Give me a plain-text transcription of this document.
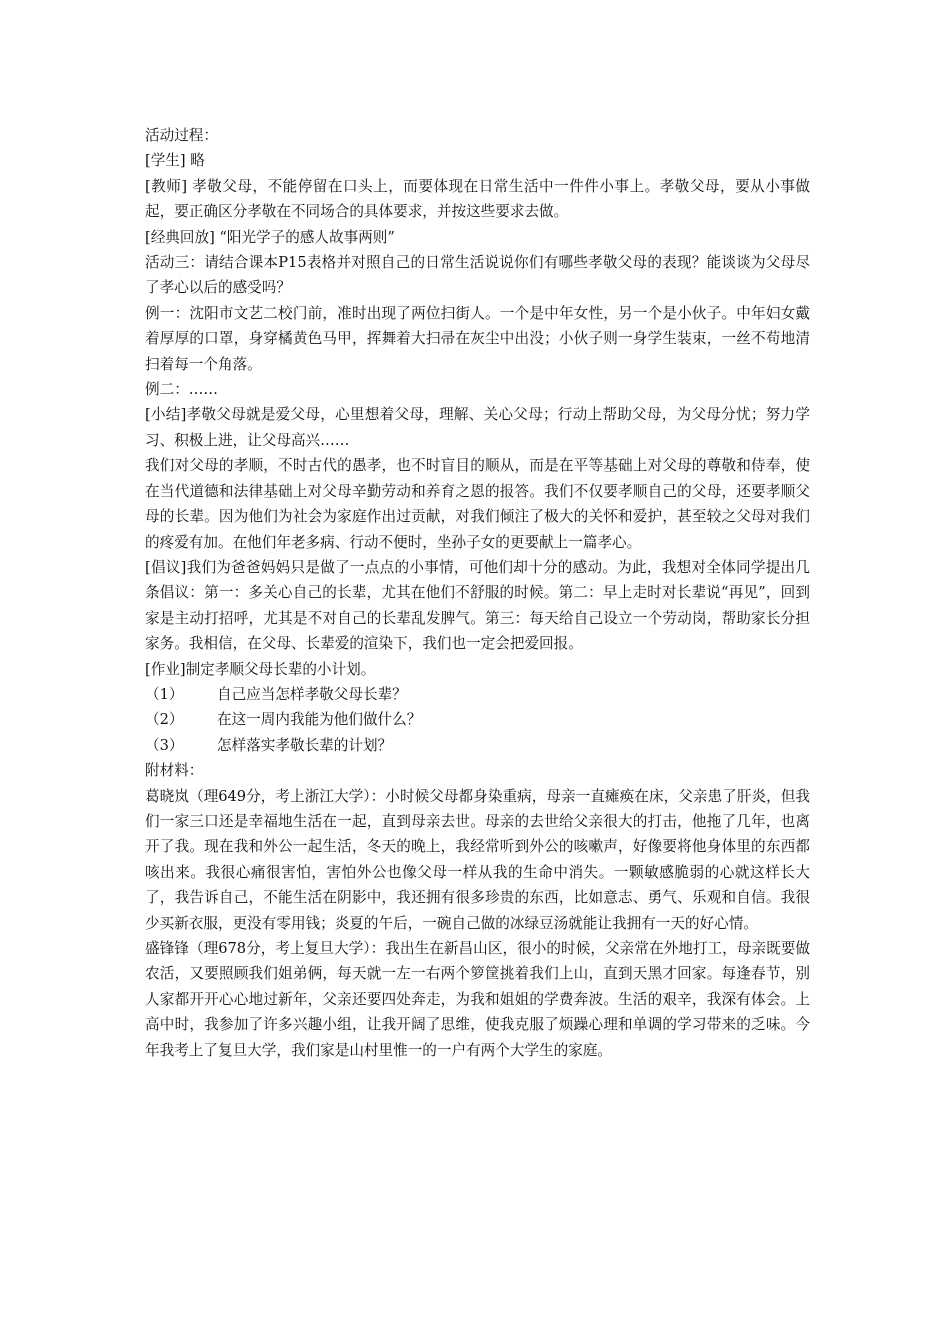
活动过程：

[学生] 略

[教师] 孝敬父母，不能停留在口头上，而要体现在日常生活中一件件小事上。孝敬父母，要从小事做起，要正确区分孝敬在不同场合的具体要求，并按这些要求去做。

[经典回放] “阳光学子的感人故事两则”

活动三：请结合课本P15表格并对照自己的日常生活说说你们有哪些孝敬父母的表现？能谈谈为父母尽了孝心以后的感受吗？

例一：沈阳市文艺二校门前，准时出现了两位扫街人。一个是中年女性，另一个是小伙子。中年妇女戴着厚厚的口罩，身穿橘黄色马甲，挥舞着大扫帚在灰尘中出没；小伙子则一身学生装束，一丝不苟地清扫着每一个角落。

例二：……

[小结]孝敬父母就是爱父母，心里想着父母，理解、关心父母；行动上帮助父母，为父母分忧；努力学习、积极上进，让父母高兴……

我们对父母的孝顺，不时古代的愚孝，也不时盲目的顺从，而是在平等基础上对父母的尊敬和侍奉，使在当代道德和法律基础上对父母辛勤劳动和养育之恩的报答。我们不仅要孝顺自己的父母，还要孝顺父母的长辈。因为他们为社会为家庭作出过贡献，对我们倾注了极大的关怀和爱护，甚至较之父母对我们的疼爱有加。在他们年老多病、行动不便时，坐孙子女的更要献上一篇孝心。

[倡议]我们为爸爸妈妈只是做了一点点的小事情，可他们却十分的感动。为此，我想对全体同学提出几条倡议：第一：多关心自己的长辈，尤其在他们不舒服的时候。第二：早上走时对长辈说“再见”，回到家是主动打招呼，尤其是不对自己的长辈乱发脾气。第三：每天给自己设立一个劳动岗，帮助家长分担家务。我相信，在父母、长辈爱的渲染下，我们也一定会把爱回报。

[作业]制定孝顺父母长辈的小计划。

（1）	自己应当怎样孝敬父母长辈？
（2）	在这一周内我能为他们做什么？
（3）	怎样落实孝敬长辈的计划？

附材料：

葛晓岚（理649分，考上浙江大学）：小时候父母都身染重病，母亲一直瘫痪在床，父亲患了肝炎，但我们一家三口还是幸福地生活在一起，直到母亲去世。母亲的去世给父亲很大的打击，他拖了几年，也离开了我。现在我和外公一起生活，冬天的晚上，我经常听到外公的咳嗽声，好像要将他身体里的东西都咳出来。我很心痛很害怕，害怕外公也像父母一样从我的生命中消失。一颗敏感脆弱的心就这样长大了，我告诉自己，不能生活在阴影中，我还拥有很多珍贵的东西，比如意志、勇气、乐观和自信。我很少买新衣服，更没有零用钱；炎夏的午后，一碗自己做的冰绿豆汤就能让我拥有一天的好心情。

盛锋锋（理678分，考上复旦大学）：我出生在新昌山区，很小的时候，父亲常在外地打工，母亲既要做农活，又要照顾我们姐弟俩，每天就一左一右两个箩筐挑着我们上山，直到天黑才回家。每逢春节，别人家都开开心心地过新年，父亲还要四处奔走，为我和姐姐的学费奔波。生活的艰辛，我深有体会。上高中时，我参加了许多兴趣小组，让我开阔了思维，使我克服了烦躁心理和单调的学习带来的乏味。今年我考上了复旦大学，我们家是山村里惟一的一户有两个大学生的家庭。
